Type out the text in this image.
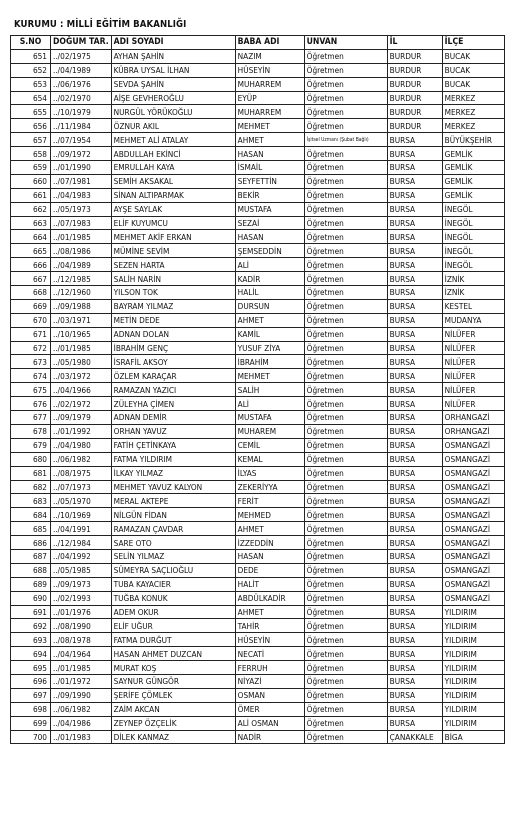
KURUMU : MİLLİ EĞİTİM BAKANLIĞI
S.NO	DOĞUM TAR.	ADI SOYADI	BABA ADI	UNVAN	İL	İLÇE
651	../02/1975	AYHAN ŞAHİN	NAZIM	Öğretmen	BURDUR	BUCAK
652	../04/1989	KÜBRA UYSAL İLHAN	HÜSEYİN	Öğretmen	BURDUR	BUCAK
653	../06/1976	SEVDA ŞAHİN	MUHARREM	Öğretmen	BURDUR	BUCAK
654	../02/1970	AİŞE GEVHEROĞLU	EYÜP	Öğretmen	BURDUR	MERKEZ
655	../10/1979	NURGÜL YÖRÜKOĞLU	MUHARREM	Öğretmen	BURDUR	MERKEZ
656	../11/1984	ÖZNUR AKIL	MEHMET	Öğretmen	BURDUR	MERKEZ
657	../07/1954	MEHMET ALİ ATALAY	AHMET	İşitsel Uzmanı (Şubat Bağlı)	BURSA	BÜYÜKŞEHİR
658	../09/1972	ABDULLAH EKİNCİ	HASAN	Öğretmen	BURSA	GEMLİK
659	../01/1990	EMRULLAH KAYA	İSMAİL	Öğretmen	BURSA	GEMLİK
660	../07/1981	SEMİH AKSAKAL	SEYFETTİN	Öğretmen	BURSA	GEMLİK
661	../04/1983	SİNAN ALTIPARMAK	BEKİR	Öğretmen	BURSA	GEMLİK
662	../05/1973	AYŞE SAYLAK	MUSTAFA	Öğretmen	BURSA	İNEGÖL
663	../07/1983	ELİF KUYUMCU	SEZAİ	Öğretmen	BURSA	İNEGÖL
664	../01/1985	MEHMET AKİF ERKAN	HASAN	Öğretmen	BURSA	İNEGÖL
665	../08/1986	MÜMİNE SEVİM	ŞEMSEDDİN	Öğretmen	BURSA	İNEGÖL
666	../04/1989	SEZEN HARTA	ALİ	Öğretmen	BURSA	İNEGÖL
667	../12/1985	SALİH NARİN	KADİR	Öğretmen	BURSA	İZNİK
668	../12/1960	YILSON TOK	HALİL	Öğretmen	BURSA	İZNİK
669	../09/1988	BAYRAM YILMAZ	DURSUN	Öğretmen	BURSA	KESTEL
670	../03/1971	METİN DEDE	AHMET	Öğretmen	BURSA	MUDANYA
671	../10/1965	ADNAN DOLAN	KAMİL	Öğretmen	BURSA	NİLÜFER
672	../01/1985	İBRAHİM GENÇ	YUSUF ZİYA	Öğretmen	BURSA	NİLÜFER
673	../05/1980	İSRAFİL AKSOY	İBRAHİM	Öğretmen	BURSA	NİLÜFER
674	../03/1972	ÖZLEM KARAÇAR	MEHMET	Öğretmen	BURSA	NİLÜFER
675	../04/1966	RAMAZAN YAZICI	SALİH	Öğretmen	BURSA	NİLÜFER
676	../02/1972	ZÜLEYHA ÇİMEN	ALİ	Öğretmen	BURSA	NİLÜFER
677	../09/1979	ADNAN DEMİR	MUSTAFA	Öğretmen	BURSA	ORHANGAZİ
678	../01/1992	ORHAN YAVUZ	MUHAREM	Öğretmen	BURSA	ORHANGAZİ
679	../04/1980	FATİH ÇETİNKAYA	CEMİL	Öğretmen	BURSA	OSMANGAZİ
680	../06/1982	FATMA YILDIRIM	KEMAL	Öğretmen	BURSA	OSMANGAZİ
681	../08/1975	İLKAY YILMAZ	İLYAS	Öğretmen	BURSA	OSMANGAZİ
682	../07/1973	MEHMET YAVUZ KALYON	ZEKERİYYA	Öğretmen	BURSA	OSMANGAZİ
683	../05/1970	MERAL AKTEPE	FERİT	Öğretmen	BURSA	OSMANGAZİ
684	../10/1969	NİLGÜN FİDAN	MEHMED	Öğretmen	BURSA	OSMANGAZİ
685	../04/1991	RAMAZAN ÇAVDAR	AHMET	Öğretmen	BURSA	OSMANGAZİ
686	../12/1984	SARE OTO	İZZEDDİN	Öğretmen	BURSA	OSMANGAZİ
687	../04/1992	SELİN YILMAZ	HASAN	Öğretmen	BURSA	OSMANGAZİ
688	../05/1985	SÜMEYRA SAÇLIOĞLU	DEDE	Öğretmen	BURSA	OSMANGAZİ
689	../09/1973	TUBA KAYACIER	HALİT	Öğretmen	BURSA	OSMANGAZİ
690	../02/1993	TUĞBA KONUK	ABDÜLKADİR	Öğretmen	BURSA	OSMANGAZİ
691	../01/1976	ADEM OKUR	AHMET	Öğretmen	BURSA	YILDIRIM
692	../08/1990	ELİF UĞUR	TAHİR	Öğretmen	BURSA	YILDIRIM
693	../08/1978	FATMA DURĞUT	HÜSEYİN	Öğretmen	BURSA	YILDIRIM
694	../04/1964	HASAN AHMET DUZCAN	NECATİ	Öğretmen	BURSA	YILDIRIM
695	../01/1985	MURAT KOŞ	FERRUH	Öğretmen	BURSA	YILDIRIM
696	../01/1972	SAYNUR GÜNGÖR	NİYAZİ	Öğretmen	BURSA	YILDIRIM
697	../09/1990	ŞERİFE ÇÖMLEK	OSMAN	Öğretmen	BURSA	YILDIRIM
698	../06/1982	ZAİM AKCAN	ÖMER	Öğretmen	BURSA	YILDIRIM
699	../04/1986	ZEYNEP ÖZÇELİK	ALİ OSMAN	Öğretmen	BURSA	YILDIRIM
700	../01/1983	DİLEK KANMAZ	NADİR	Öğretmen	ÇANAKKALE	BİGA
